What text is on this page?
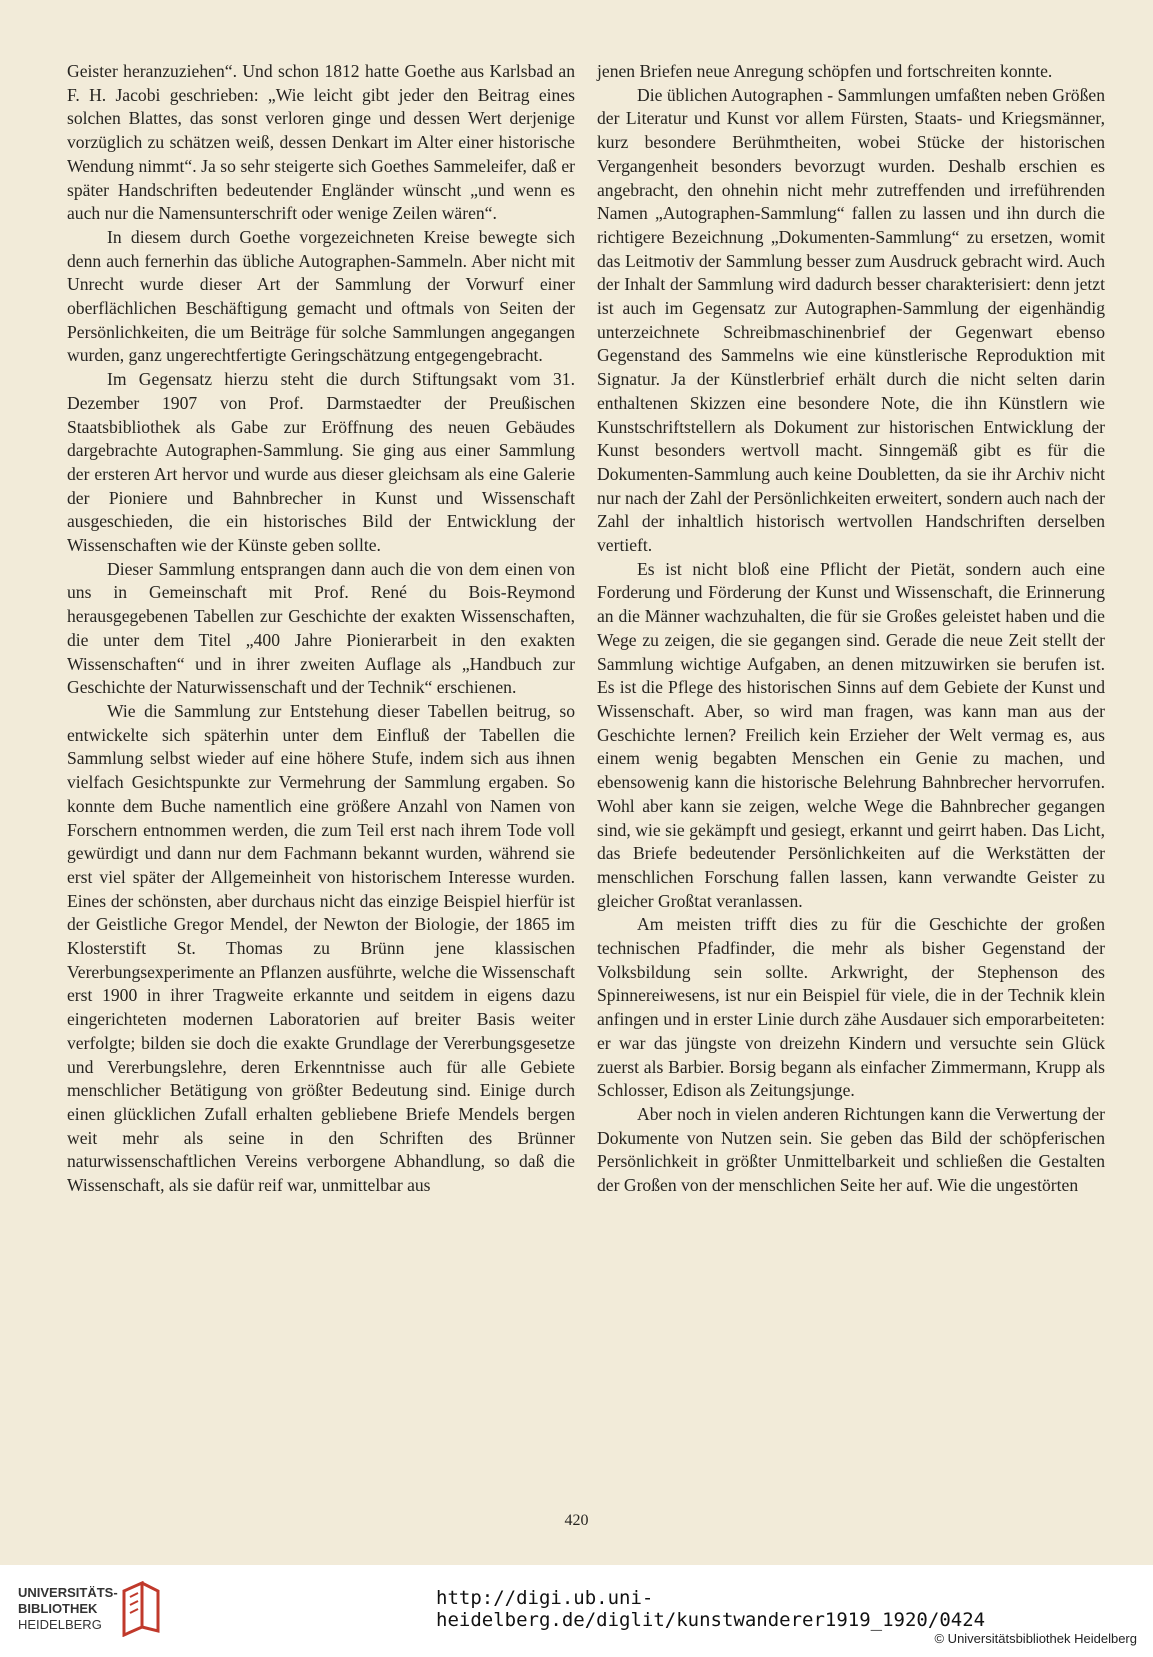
Geister heranzuziehen“. Und schon 1812 hatte Goethe aus Karlsbad an F. H. Jacobi geschrieben: „Wie leicht gibt jeder den Beitrag eines solchen Blattes, das sonst verloren ginge und dessen Wert derjenige vorzüglich zu schätzen weiß, dessen Denkart im Alter einer historische Wendung nimmt“. Ja so sehr steigerte sich Goethes Sammeleifer, daß er später Handschriften bedeutender Engländer wünscht „und wenn es auch nur die Namensunterschrift oder wenige Zeilen wären“.

In diesem durch Goethe vorgezeichneten Kreise bewegte sich denn auch fernerhin das übliche Autographen-Sammeln. Aber nicht mit Unrecht wurde dieser Art der Sammlung der Vorwurf einer oberflächlichen Beschäftigung gemacht und oftmals von Seiten der Persönlichkeiten, die um Beiträge für solche Sammlungen angegangen wurden, ganz ungerechtfertigte Geringschätzung entgegengebracht.

Im Gegensatz hierzu steht die durch Stiftungsakt vom 31. Dezember 1907 von Prof. Darmstaedter der Preußischen Staatsbibliothek als Gabe zur Eröffnung des neuen Gebäudes dargebrachte Autographen-Sammlung. Sie ging aus einer Sammlung der ersteren Art hervor und wurde aus dieser gleichsam als eine Galerie der Pioniere und Bahnbrecher in Kunst und Wissenschaft ausgeschieden, die ein historisches Bild der Entwicklung der Wissenschaften wie der Künste geben sollte.

Dieser Sammlung entsprangen dann auch die von dem einen von uns in Gemeinschaft mit Prof. René du Bois-Reymond herausgegebenen Tabellen zur Geschichte der exakten Wissenschaften, die unter dem Titel „400 Jahre Pionierarbeit in den exakten Wissenschaften“ und in ihrer zweiten Auflage als „Handbuch zur Geschichte der Naturwissenschaft und der Technik“ erschienen.

Wie die Sammlung zur Entstehung dieser Tabellen beitrug, so entwickelte sich späterhin unter dem Einfluß der Tabellen die Sammlung selbst wieder auf eine höhere Stufe, indem sich aus ihnen vielfach Gesichtspunkte zur Vermehrung der Sammlung ergaben. So konnte dem Buche namentlich eine größere Anzahl von Namen von Forschern entnommen werden, die zum Teil erst nach ihrem Tode voll gewürdigt und dann nur dem Fachmann bekannt wurden, während sie erst viel später der Allgemeinheit von historischem Interesse wurden. Eines der schönsten, aber durchaus nicht das einzige Beispiel hierfür ist der Geistliche Gregor Mendel, der Newton der Biologie, der 1865 im Klosterstift St. Thomas zu Brünn jene klassischen Vererbungsexperimente an Pflanzen ausführte, welche die Wissenschaft erst 1900 in ihrer Tragweite erkannte und seitdem in eigens dazu eingerichteten modernen Laboratorien auf breiter Basis weiter verfolgte; bilden sie doch die exakte Grundlage der Vererbungsgesetze und Vererbungslehre, deren Erkenntnisse auch für alle Gebiete menschlicher Betätigung von größter Bedeutung sind. Einige durch einen glücklichen Zufall erhalten gebliebene Briefe Mendels bergen weit mehr als seine in den Schriften des Brünner naturwissenschaftlichen Vereins verborgene Abhandlung, so daß die Wissenschaft, als sie dafür reif war, unmittelbar aus

jenen Briefen neue Anregung schöpfen und fortschreiten konnte.

Die üblichen Autographen - Sammlungen umfaßten neben Größen der Literatur und Kunst vor allem Fürsten, Staats- und Kriegsmänner, kurz besondere Berühmtheiten, wobei Stücke der historischen Vergangenheit besonders bevorzugt wurden. Deshalb erschien es angebracht, den ohnehin nicht mehr zutreffenden und irreführenden Namen „Autographen-Sammlung“ fallen zu lassen und ihn durch die richtigere Bezeichnung „Dokumenten-Sammlung“ zu ersetzen, womit das Leitmotiv der Sammlung besser zum Ausdruck gebracht wird. Auch der Inhalt der Sammlung wird dadurch besser charakterisiert: denn jetzt ist auch im Gegensatz zur Autographen-Sammlung der eigenhändig unterzeichnete Schreibmaschinenbrief der Gegenwart ebenso Gegenstand des Sammelns wie eine künstlerische Reproduktion mit Signatur. Ja der Künstlerbrief erhält durch die nicht selten darin enthaltenen Skizzen eine besondere Note, die ihn Künstlern wie Kunstschriftstellern als Dokument zur historischen Entwicklung der Kunst besonders wertvoll macht. Sinngemäß gibt es für die Dokumenten-Sammlung auch keine Doubletten, da sie ihr Archiv nicht nur nach der Zahl der Persönlichkeiten erweitert, sondern auch nach der Zahl der inhaltlich historisch wertvollen Handschriften derselben vertieft.

Es ist nicht bloß eine Pflicht der Pietät, sondern auch eine Forderung und Förderung der Kunst und Wissenschaft, die Erinnerung an die Männer wachzuhalten, die für sie Großes geleistet haben und die Wege zu zeigen, die sie gegangen sind. Gerade die neue Zeit stellt der Sammlung wichtige Aufgaben, an denen mitzuwirken sie berufen ist. Es ist die Pflege des historischen Sinns auf dem Gebiete der Kunst und Wissenschaft. Aber, so wird man fragen, was kann man aus der Geschichte lernen? Freilich kein Erzieher der Welt vermag es, aus einem wenig begabten Menschen ein Genie zu machen, und ebensowenig kann die historische Belehrung Bahnbrecher hervorrufen. Wohl aber kann sie zeigen, welche Wege die Bahnbrecher gegangen sind, wie sie gekämpft und gesiegt, erkannt und geirrt haben. Das Licht, das Briefe bedeutender Persönlichkeiten auf die Werkstätten der menschlichen Forschung fallen lassen, kann verwandte Geister zu gleicher Großtat veranlassen.

Am meisten trifft dies zu für die Geschichte der großen technischen Pfadfinder, die mehr als bisher Gegenstand der Volksbildung sein sollte. Arkwright, der Stephenson des Spinnereiwesens, ist nur ein Beispiel für viele, die in der Technik klein anfingen und in erster Linie durch zähe Ausdauer sich emporarbeiteten: er war das jüngste von dreizehn Kindern und versuchte sein Glück zuerst als Barbier. Borsig begann als einfacher Zimmermann, Krupp als Schlosser, Edison als Zeitungsjunge.

Aber noch in vielen anderen Richtungen kann die Verwertung der Dokumente von Nutzen sein. Sie geben das Bild der schöpferischen Persönlichkeit in größter Unmittelbarkeit und schließen die Gestalten der Großen von der menschlichen Seite her auf. Wie die ungestörten

420
UNIVERSITÄTS-
BIBLIOTHEK
HEIDELBERG
http://digi.ub.uni-heidelberg.de/diglit/kunstwanderer1919_1920/0424
© Universitätsbibliothek Heidelberg
